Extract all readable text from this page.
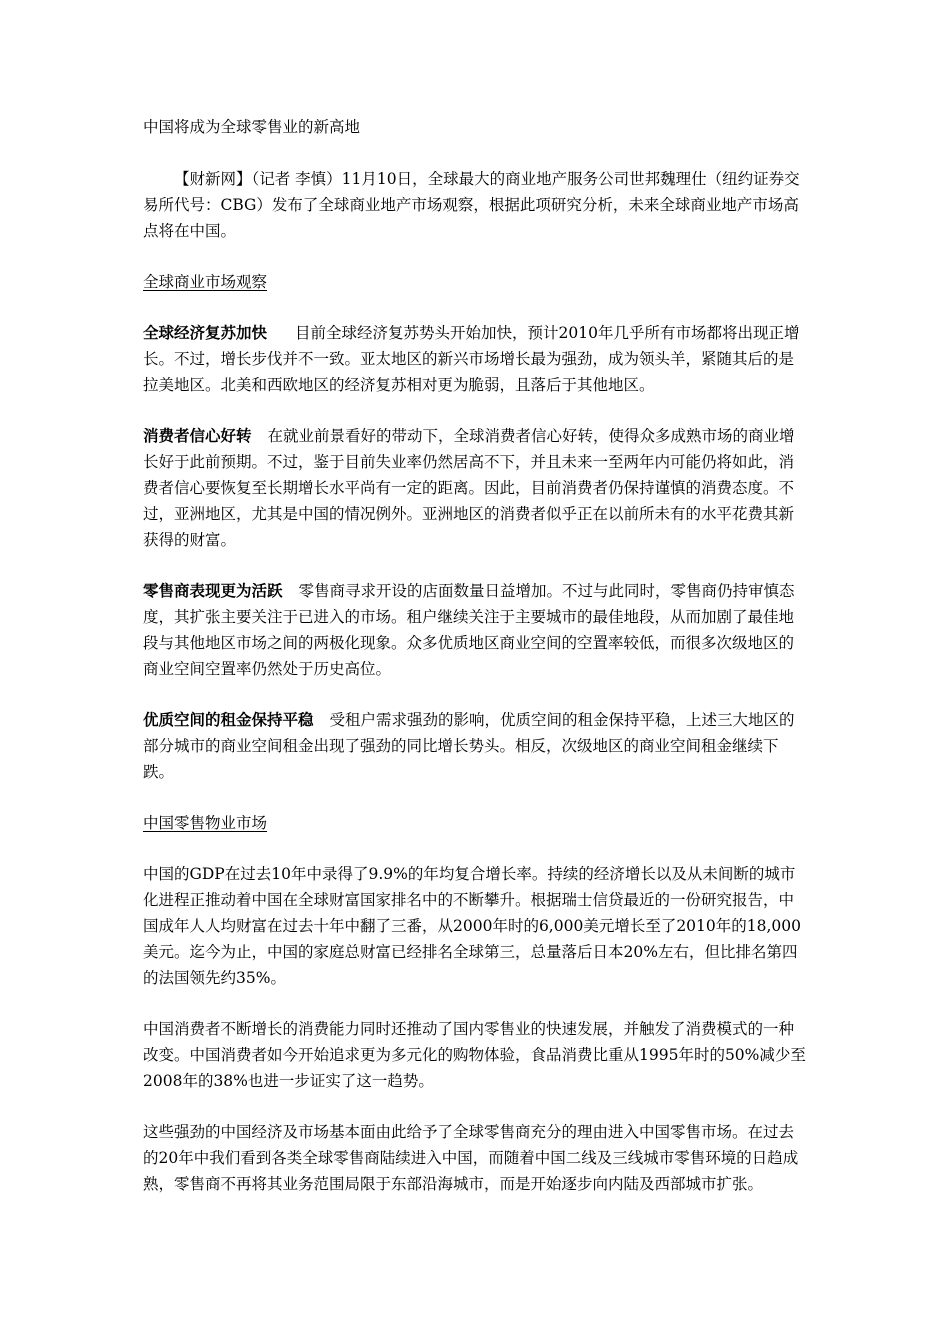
中国将成为全球零售业的新高地

【财新网】（记者 李慎）11月10日，全球最大的商业地产服务公司世邦魏理仕（纽约证券交易所代号：CBG）发布了全球商业地产市场观察，根据此项研究分析，未来全球商业地产市场高点将在中国。

全球商业市场观察

全球经济复苏加快 目前全球经济复苏势头开始加快，预计2010年几乎所有市场都将出现正增长。不过，增长步伐并不一致。亚太地区的新兴市场增长最为强劲，成为领头羊，紧随其后的是拉美地区。北美和西欧地区的经济复苏相对更为脆弱，且落后于其他地区。

消费者信心好转 在就业前景看好的带动下，全球消费者信心好转，使得众多成熟市场的商业增长好于此前预期。不过，鉴于目前失业率仍然居高不下，并且未来一至两年内可能仍将如此，消费者信心要恢复至长期增长水平尚有一定的距离。因此，目前消费者仍保持谨慎的消费态度。不过，亚洲地区，尤其是中国的情况例外。亚洲地区的消费者似乎正在以前所未有的水平花费其新获得的财富。

零售商表现更为活跃 零售商寻求开设的店面数量日益增加。不过与此同时，零售商仍持审慎态度，其扩张主要关注于已进入的市场。租户继续关注于主要城市的最佳地段，从而加剧了最佳地段与其他地区市场之间的两极化现象。众多优质地区商业空间的空置率较低，而很多次级地区的商业空间空置率仍然处于历史高位。

优质空间的租金保持平稳 受租户需求强劲的影响，优质空间的租金保持平稳，上述三大地区的部分城市的商业空间租金出现了强劲的同比增长势头。相反，次级地区的商业空间租金继续下跌。

中国零售物业市场

中国的GDP在过去10年中录得了9.9%的年均复合增长率。持续的经济增长以及从未间断的城市化进程正推动着中国在全球财富国家排名中的不断攀升。根据瑞士信贷最近的一份研究报告，中国成年人人均财富在过去十年中翻了三番，从2000年时的6,000美元增长至了2010年的18,000美元。迄今为止，中国的家庭总财富已经排名全球第三，总量落后日本20%左右，但比排名第四的法国领先约35%。

中国消费者不断增长的消费能力同时还推动了国内零售业的快速发展，并触发了消费模式的一种改变。中国消费者如今开始追求更为多元化的购物体验，食品消费比重从1995年时的50%减少至2008年的38%也进一步证实了这一趋势。

这些强劲的中国经济及市场基本面由此给予了全球零售商充分的理由进入中国零售市场。在过去的20年中我们看到各类全球零售商陆续进入中国，而随着中国二线及三线城市零售环境的日趋成熟，零售商不再将其业务范围局限于东部沿海城市，而是开始逐步向内陆及西部城市扩张。
